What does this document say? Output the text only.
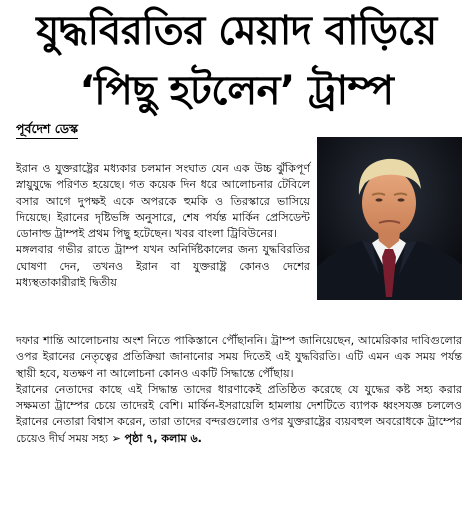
যুদ্ধবিরতির মেয়াদ বাড়িয়ে
‘পিছু হটলেন’ ট্রাম্প
পূর্বদেশ ডেস্ক

ইরান ও যুক্তরাষ্ট্রের মধ্যকার চলমান সংঘাত যেন এক উচ্চ ঝুঁকিপূর্ণ স্নায়ুযুদ্ধে পরিণত হয়েছে। গত কয়েক দিন ধরে আলোচনার টেবিলে বসার আগে দুপক্ষই একে অপরকে হুমকি ও তিরস্কারে ভাসিয়ে দিয়েছে। ইরানের দৃষ্টিভঙ্গি অনুসারে, শেষ পর্যন্ত মার্কিন প্রেসিডেন্ট ডোনাল্ড ট্রাম্পই প্রথম পিছু হটেছেন। খবর বাংলা ট্রিবিউনের।

মঙ্গলবার গভীর রাতে ট্রাম্প যখন অনির্দিষ্টকালের জন্য যুদ্ধবিরতির ঘোষণা দেন, তখনও ইরান বা যুক্তরাষ্ট্র কোনও দেশের মধ্যস্থতাকারীরাই দ্বিতীয়

দফার শান্তি আলোচনায় অংশ নিতে পাকিস্তানে পৌঁছাননি। ট্রাম্প জানিয়েছেন, আমেরিকার দাবিগুলোর ওপর ইরানের নেতৃত্বের প্রতিক্রিয়া জানানোর সময় দিতেই এই যুদ্ধবিরতি। এটি এমন এক সময় পর্যন্ত স্থায়ী হবে, যতক্ষণ না আলোচনা কোনও একটি সিদ্ধান্তে পৌঁছায়।

ইরানের নেতাদের কাছে এই সিদ্ধান্ত তাদের ধারণাকেই প্রতিষ্ঠিত করেছে যে যুদ্ধের কষ্ট সহ্য করার সক্ষমতা ট্রাম্পের চেয়ে তাদেরই বেশি। মার্কিন-ইসরায়েলি হামলায় দেশটিতে ব্যাপক ধ্বংসযজ্ঞ চললেও ইরানের নেতারা বিশ্বাস করেন, তারা তাদের বন্দরগুলোর ওপর যুক্তরাষ্ট্রের ব্যয়বহুল অবরোধকে ট্রাম্পের চেয়েও দীর্ঘ সময় সহ্য ➢ পৃষ্ঠা ৭, কলাম ৬.
